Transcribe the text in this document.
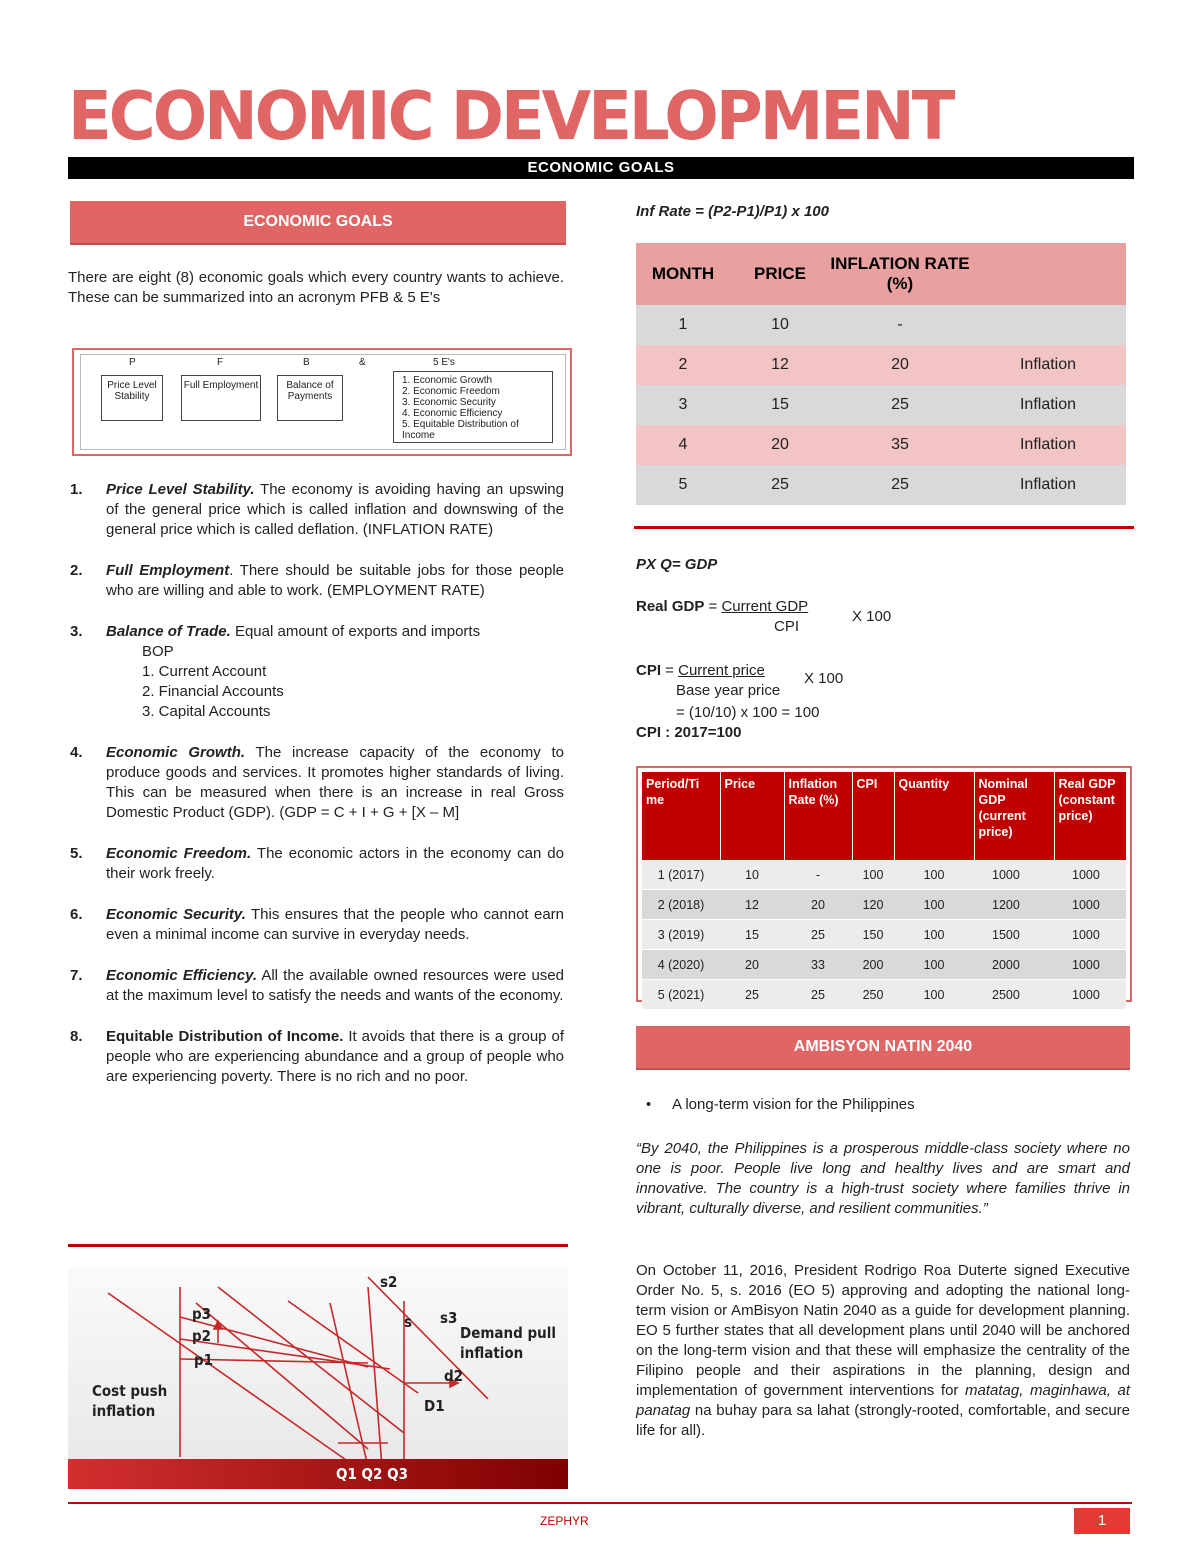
ECONOMIC DEVELOPMENT
ECONOMIC GOALS
ECONOMIC GOALS
There are eight (8) economic goals which every country wants to achieve. These can be summarized into an acronym PFB & 5 E's
P	F	B	&	5 E's
Price Level Stability
Full Employment	Balance of Payments
1. Economic Growth
2. Economic Freedom
3. Economic Security
4. Economic Efficiency
5. Equitable Distribution of Income
1. Price Level Stability. The economy is avoiding having an upswing of the general price which is called inflation and downswing of the general price which is called deflation. (INFLATION RATE)
2. Full Employment. There should be suitable jobs for those people who are willing and able to work. (EMPLOYMENT RATE)
3. Balance of Trade. Equal amount of exports and imports
BOP
1. Current Account
2. Financial Accounts
3. Capital Accounts
4. Economic Growth. The increase capacity of the economy to produce goods and services. It promotes higher standards of living. This can be measured when there is an increase in real Gross Domestic Product (GDP). (GDP = C + I + G + [X – M]
5. Economic Freedom. The economic actors in the economy can do their work freely.
6. Economic Security. This ensures that the people who cannot earn even a minimal income can survive in everyday needs.
7. Economic Efficiency. All the available owned resources were used at the maximum level to satisfy the needs and wants of the economy.
8. Equitable Distribution of Income. It avoids that there is a group of people who are experiencing abundance and a group of people who are experiencing poverty. There is no rich and no poor.
s2
p3	s s3
p2	Demand pull inflation
p1
d2
Cost push inflation	D1
Q1 Q2 Q3
Inf Rate = (P2-P1)/P1) x 100
MONTH	PRICE	INFLATION RATE (%)	
1	10	-	
2	12	20	Inflation
3	15	25	Inflation
4	20	35	Inflation
5	25	25	Inflation
PX Q= GDP
Real GDP = Current GDP
CPI
X 100
CPI = Current price	X 100
Base year price
= (10/10) x 100 = 100
CPI : 2017=100
Period/Ti me	Price	Inflation Rate (%)	CPI	Quantity	Nominal GDP (current price)	Real GDP (constant price)
1 (2017)	10	-	100	100	1000	1000
2 (2018)	12	20	120	100	1200	1000
3 (2019)	15	25	150	100	1500	1000
4 (2020)	20	33	200	100	2000	1000
5 (2021)	25	25	250	100	2500	1000
AMBISYON NATIN 2040
• A long-term vision for the Philippines
“By 2040, the Philippines is a prosperous middle-class society where no one is poor. People live long and healthy lives and are smart and innovative. The country is a high-trust society where families thrive in vibrant, culturally diverse, and resilient communities.”
On October 11, 2016, President Rodrigo Roa Duterte signed Executive Order No. 5, s. 2016 (EO 5) approving and adopting the national long-term vision or AmBisyon Natin 2040 as a guide for development planning. EO 5 further states that all development plans until 2040 will be anchored on the long-term vision and that these will emphasize the centrality of the Filipino people and their aspirations in the planning, design and implementation of government interventions for matatag, maginhawa, at panatag na buhay para sa lahat (strongly-rooted, comfortable, and secure life for all).
ZEPHYR	1
